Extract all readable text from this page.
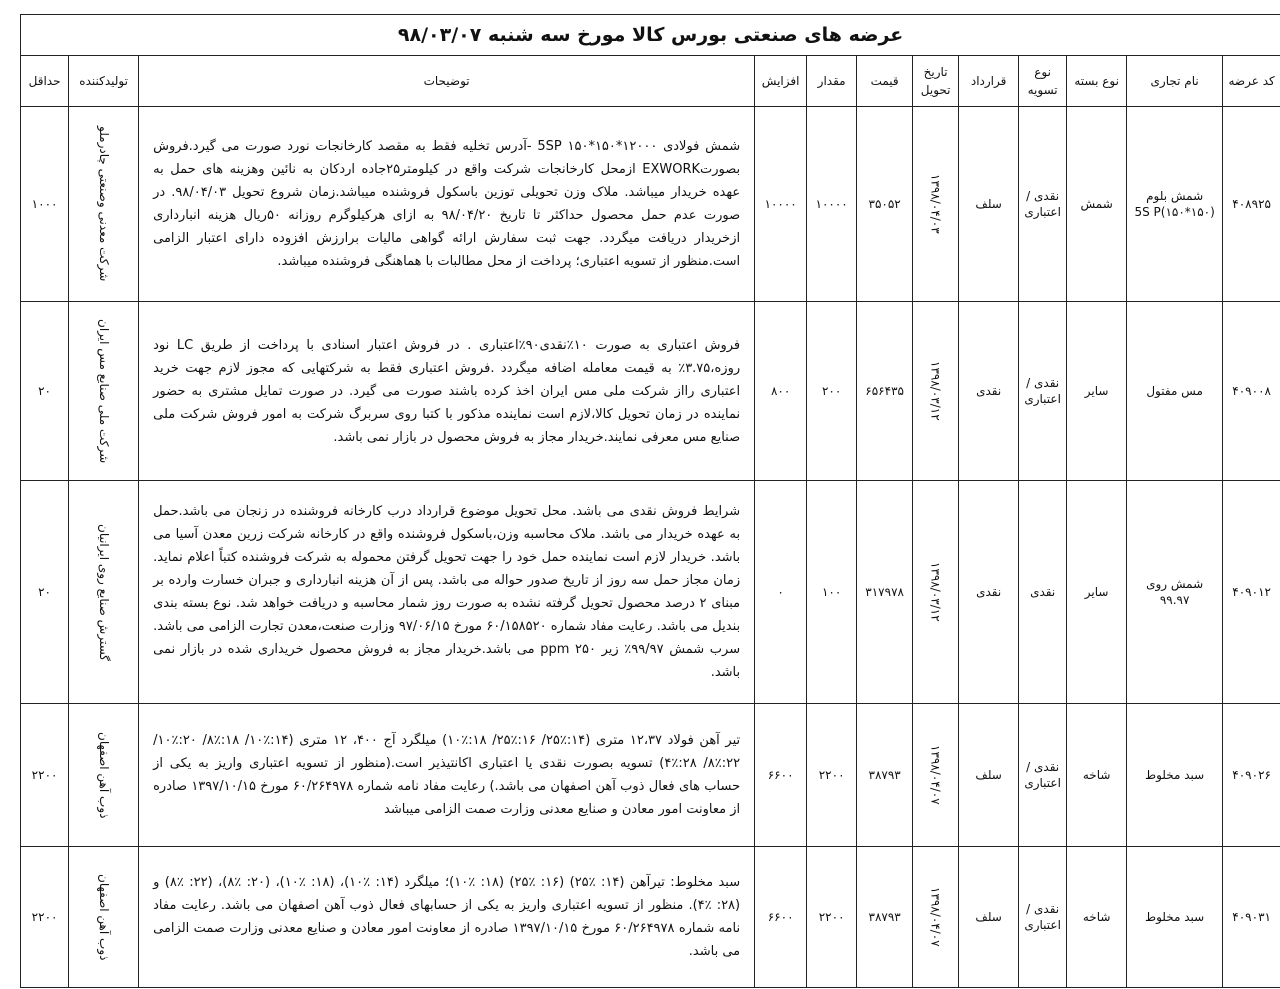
عرضه های صنعتی بورس کالا مورخ سه شنبه ۹۸/۰۳/۰۷											
کد عرضه	نام تجاری	نوع بسته	نوع تسویه	قرارداد	تاریخ تحویل	قیمت	مقدار	افزایش	توضیحات	تولیدکننده	حداقل
۴۰۸۹۲۵	شمش بلوم (۱۵۰*۱۵۰)5S P	شمش	نقدی / اعتباری	سلف	۱۳۹۸/۰۴/۰۳	۳۵۰۵۲	۱۰۰۰۰	۱۰۰۰۰	شمش فولادی ۱۲۰۰۰*۱۵۰*۱۵۰ 5SP -آدرس تخلیه فقط به مقصد کارخانجات نورد صورت می گیرد.فروش بصورتEXWORK ازمحل کارخانجات شرکت واقع در کیلومتر۲۵جاده اردکان به نائین وهزینه های حمل به عهده خریدار میباشد. ملاک وزن تحویلی توزین باسکول فروشنده میباشد.زمان شروع تحویل ۹۸/۰۴/۰۳. در صورت عدم حمل محصول حداکثر تا تاریخ ۹۸/۰۴/۲۰ به ازای هرکیلوگرم روزانه ۵۰ریال هزینه انبارداری ازخریدار دریافت میگردد. جهت ثبت سفارش ارائه گواهی مالیات برارزش افزوده دارای اعتبار الزامی است.منظور از تسویه اعتباری؛ پرداخت از محل مطالبات با هماهنگی فروشنده میباشد.	شرکت معدنی وصنعتی چادرملو	۱۰۰۰
۴۰۹۰۰۸	مس مفتول	سایر	نقدی / اعتباری	نقدی	۱۳۹۸/۰۳/۱۲	۶۵۶۴۳۵	۲۰۰	۸۰۰	فروش اعتباری به صورت ۱۰٪نقدی۹۰٪اعتباری . در فروش اعتبار اسنادی با پرداخت از طریق LC نود روزه،۳.۷۵٪ به قیمت معامله اضافه میگردد .فروش اعتباری فقط به شرکتهایی که مجوز لازم جهت خرید اعتباری رااز شرکت ملی مس ایران اخذ کرده باشند صورت می گیرد. در صورت تمایل مشتری به حضور نماینده در زمان تحویل کالا،لازم است نماینده مذکور با کتبا روی سربرگ شرکت به امور فروش شرکت ملی صنایع مس معرفی نمایند.خریدار مجاز به فروش محصول در بازار نمی باشد.	شرکت ملی صنایع مس ایران	۲۰
۴۰۹۰۱۲	شمش روی ۹۹.۹۷	سایر	نقدی	نقدی	۱۳۹۸/۰۳/۱۲	۳۱۷۹۷۸	۱۰۰	۰	شرایط فروش نقدی می باشد. محل تحویل موضوع قرارداد درب کارخانه فروشنده در زنجان می باشد.حمل به عهده خریدار می باشد. ملاک محاسبه وزن،باسکول فروشنده واقع در کارخانه شرکت زرین معدن آسیا می باشد. خریدار لازم است نماینده حمل خود را جهت تحویل گرفتن محموله به شرکت فروشنده کتباً اعلام نماید. زمان مجاز حمل سه روز از تاریخ صدور حواله می باشد. پس از آن هزینه انبارداری و جبران خسارت وارده بر مبنای ۲ درصد محصول تحویل گرفته نشده به صورت روز شمار محاسبه و دریافت خواهد شد. نوع بسته بندی بندیل می باشد. رعایت مفاد شماره ۶۰/۱۵۸۵۲۰ مورخ ۹۷/۰۶/۱۵ وزارت صنعت،معدن تجارت الزامی می باشد. سرب شمش ۹۹/۹۷٪ زیر ppm ۲۵۰ می باشد.خریدار مجاز به فروش محصول خریداری شده در بازار نمی باشد.	گسترش صنایع روی ایرانیان	۲۰
۴۰۹۰۲۶	سبد مخلوط	شاخه	نقدی / اعتباری	سلف	۱۳۹۸/۰۴/۰۷	۳۸۷۹۳	۲۲۰۰	۶۶۰۰	تیر آهن فولاد ۱۲،۳۷ متری (۱۴:٪۲۵/ ۱۶:٪۲۵/ ۱۸:٪۱۰) میلگرد آج ۴۰۰، ۱۲ متری (۱۴:٪۱۰/ ۱۸:٪۸/ ۲۰:٪۱۰/ ۲۲:٪۸/ ۲۸:٪۴) تسویه بصورت نقدی یا اعتباری اکانتیذیر است.(منظور از تسویه اعتباری واریز به یکی از حساب های فعال ذوب آهن اصفهان می باشد.) رعایت مفاد نامه شماره ۶۰/۲۶۴۹۷۸ مورخ ۱۳۹۷/۱۰/۱۵ صادره از معاونت امور معادن و صنایع معدنی وزارت صمت الزامی میباشد	ذوب آهن اصفهان	۲۲۰۰
۴۰۹۰۳۱	سبد مخلوط	شاخه	نقدی / اعتباری	سلف	۱۳۹۸/۰۴/۰۷	۳۸۷۹۳	۲۲۰۰	۶۶۰۰	سبد مخلوط: تیرآهن (۱۴: ٪۲۵) (۱۶: ٪۲۵) (۱۸: ٪۱۰)؛ میلگرد (۱۴: ٪۱۰)، (۱۸: ٪۱۰)، (۲۰: ٪۸)، (۲۲: ٪۸) و (۲۸: ٪۴). منظور از تسویه اعتباری واریز به یکی از حسابهای فعال ذوب آهن اصفهان می باشد. رعایت مفاد نامه شماره ۶۰/۲۶۴۹۷۸ مورخ ۱۳۹۷/۱۰/۱۵ صادره از معاونت امور معادن و صنایع معدنی وزارت صمت الزامی می باشد.	ذوب آهن اصفهان	۲۲۰۰
